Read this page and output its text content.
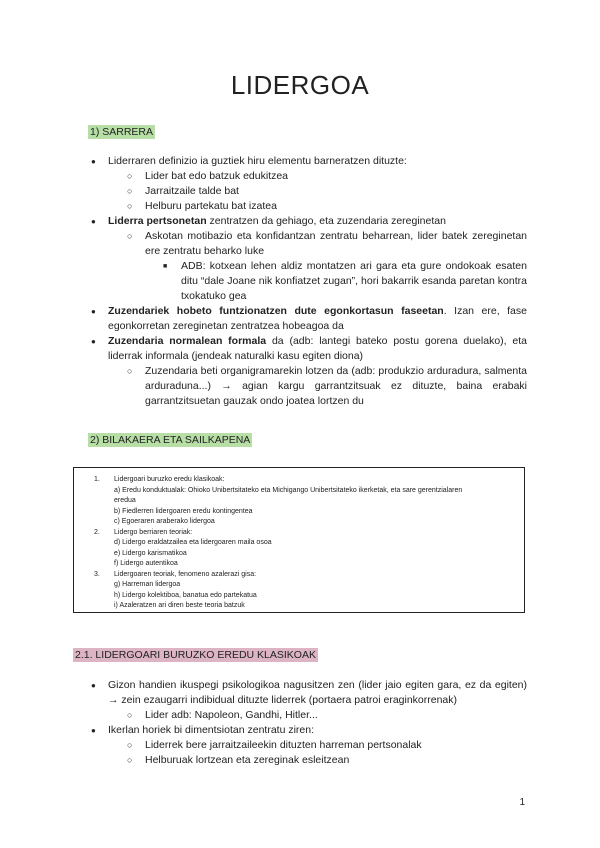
LIDERGOA
1) SARRERA
● Liderraren definizio ia guztiek hiru elementu barneratzen dituzte:
○ Lider bat edo batzuk edukitzea
○ Jarraitzaile talde bat
○ Helburu partekatu bat izatea
● Liderra pertsonetan zentratzen da gehiago, eta zuzendaria zereginetan
○ Askotan motibazio eta konfidantzan zentratu beharrean, lider batek zereginetan ere zentratu beharko luke
■ ADB: kotxean lehen aldiz montatzen ari gara eta gure ondokoak esaten ditu “dale Joane nik konfiatzet zugan”, hori bakarrik esanda paretan kontra txokatuko gea
● Zuzendariek hobeto funtzionatzen dute egonkortasun faseetan. Izan ere, fase egonkorretan zereginetan zentratzea hobeagoa da
● Zuzendaria normalean formala da (adb: lantegi bateko postu gorena duelako), eta liderrak informala (jendeak naturalki kasu egiten diona)
○ Zuzendaria beti organigramarekin lotzen da (adb: produkzio arduradura, salmenta arduraduna...) → agian kargu garrantzitsuak ez dituzte, baina erabaki garrantzitsuetan gauzak ondo joatea lortzen du
2) BILAKAERA ETA SAILKAPENA
1. Lidergoari buruzko eredu klasikoak:
a) Eredu konduktualak: Ohioko Unibertsitateko eta Michigango Unibertsitateko ikerketak, eta sare gerentzialaren
eredua
b) Fiedlerren lidergoaren eredu kontingentea
c) Egoeraren araberako lidergoa
2. Lidergo berriaren teoriak:
d) Lidergo eraldatzailea eta lidergoaren maila osoa
e) Lidergo karismatikoa
f) Lidergo autentikoa
3. Lidergoaren teoriak, fenomeno azalerazi gisa:
g) Harreman lidergoa
h) Lidergo kolektiboa, banatua edo partekatua
i) Azaleratzen ari diren beste teoria batzuk
2.1. LIDERGOARI BURUZKO EREDU KLASIKOAK
● Gizon handien ikuspegi psikologikoa nagusitzen zen (lider jaio egiten gara, ez da egiten) → zein ezaugarri indibidual dituzte liderrek (portaera patroi eraginkorrenak)
○ Lider adb: Napoleon, Gandhi, Hitler...
● Ikerlan horiek bi dimentsiotan zentratu ziren:
○ Liderrek bere jarraitzaileekin dituzten harreman pertsonalak
○ Helburuak lortzean eta zereginak esleitzean
1
